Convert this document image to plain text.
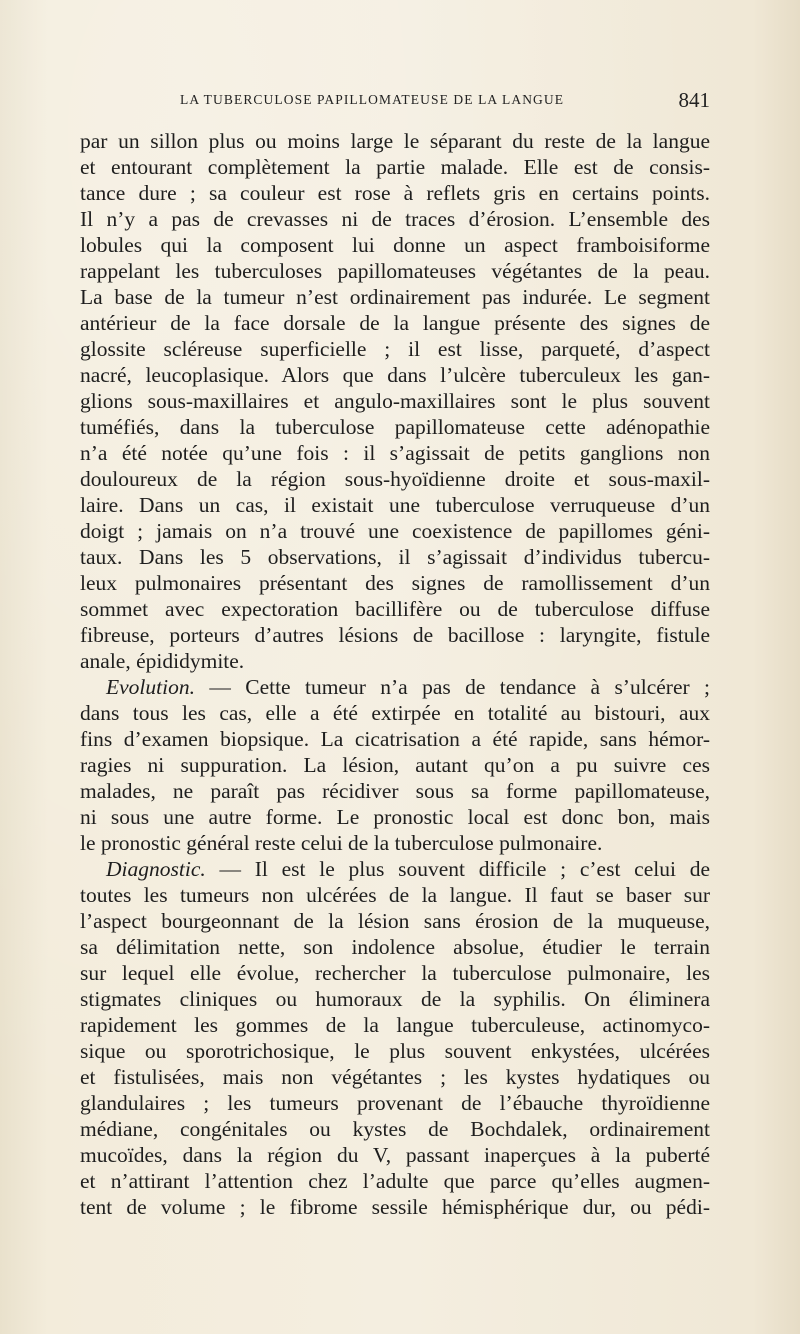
LA TUBERCULOSE PAPILLOMATEUSE DE LA LANGUE	841
par un sillon plus ou moins large le séparant du reste de la langue
et entourant complètement la partie malade. Elle est de consis-
tance dure ; sa couleur est rose à reflets gris en certains points.
Il n’y a pas de crevasses ni de traces d’érosion. L’ensemble des
lobules qui la composent lui donne un aspect framboisiforme
rappelant les tuberculoses papillomateuses végétantes de la peau.
La base de la tumeur n’est ordinairement pas indurée. Le segment
antérieur de la face dorsale de la langue présente des signes de
glossite scléreuse superficielle ; il est lisse, parqueté, d’aspect
nacré, leucoplasique. Alors que dans l’ulcère tuberculeux les gan-
glions sous-maxillaires et angulo-maxillaires sont le plus souvent
tuméfiés, dans la tuberculose papillomateuse cette adénopathie
n’a été notée qu’une fois : il s’agissait de petits ganglions non
douloureux de la région sous-hyoïdienne droite et sous-maxil-
laire. Dans un cas, il existait une tuberculose verruqueuse d’un
doigt ; jamais on n’a trouvé une coexistence de papillomes géni-
taux. Dans les 5 observations, il s’agissait d’individus tubercu-
leux pulmonaires présentant des signes de ramollissement d’un
sommet avec expectoration bacillifère ou de tuberculose diffuse
fibreuse, porteurs d’autres lésions de bacillose : laryngite, fistule
anale, épididymite.
Evolution. — Cette tumeur n’a pas de tendance à s’ulcérer ;
dans tous les cas, elle a été extirpée en totalité au bistouri, aux
fins d’examen biopsique. La cicatrisation a été rapide, sans hémor-
ragies ni suppuration. La lésion, autant qu’on a pu suivre ces
malades, ne paraît pas récidiver sous sa forme papillomateuse,
ni sous une autre forme. Le pronostic local est donc bon, mais
le pronostic général reste celui de la tuberculose pulmonaire.
Diagnostic. — Il est le plus souvent difficile ; c’est celui de
toutes les tumeurs non ulcérées de la langue. Il faut se baser sur
l’aspect bourgeonnant de la lésion sans érosion de la muqueuse,
sa délimitation nette, son indolence absolue, étudier le terrain
sur lequel elle évolue, rechercher la tuberculose pulmonaire, les
stigmates cliniques ou humoraux de la syphilis. On éliminera
rapidement les gommes de la langue tuberculeuse, actinomyco-
sique ou sporotrichosique, le plus souvent enkystées, ulcérées
et fistulisées, mais non végétantes ; les kystes hydatiques ou
glandulaires ; les tumeurs provenant de l’ébauche thyroïdienne
médiane, congénitales ou kystes de Bochdalek, ordinairement
mucoïdes, dans la région du V, passant inaperçues à la puberté
et n’attirant l’attention chez l’adulte que parce qu’elles augmen-
tent de volume ; le fibrome sessile hémisphérique dur, ou pédi-
